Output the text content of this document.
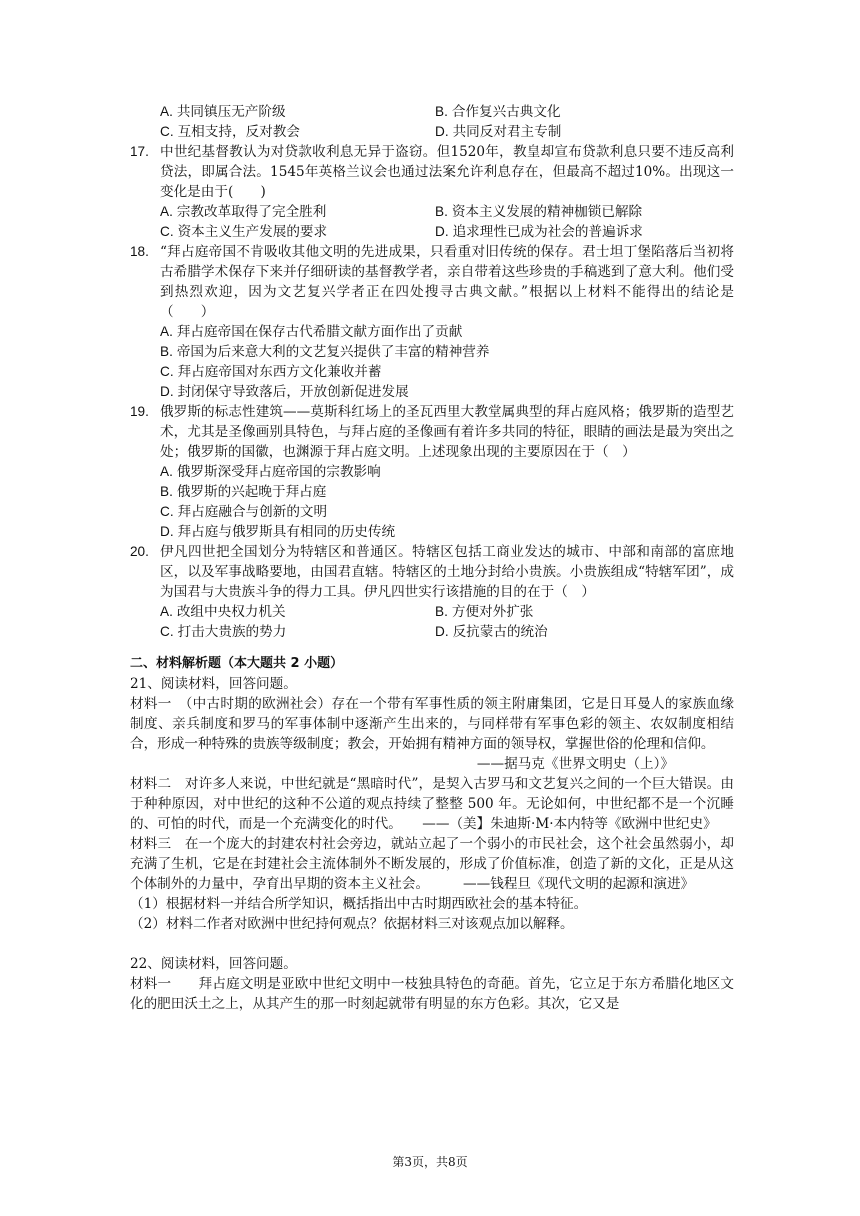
A. 共同镇压无产阶级	B. 合作复兴古典文化
C. 互相支持，反对教会	D. 共同反对君主专制
17. 中世纪基督教认为对贷款收利息无异于盗窃。但1520年，教皇却宣布贷款利息只要不违反高利贷法，即属合法。1545年英格兰议会也通过法案允许利息存在，但最高不超过10%。出现这一变化是由于(　　)
A. 宗教改革取得了完全胜利	B. 资本主义发展的精神枷锁已解除
C. 资本主义生产发展的要求	D. 追求理性已成为社会的普遍诉求
18. “拜占庭帝国不肯吸收其他文明的先进成果，只看重对旧传统的保存。君士坦丁堡陷落后当初将古希腊学术保存下来并仔细研读的基督教学者，亲自带着这些珍贵的手稿逃到了意大利。他们受到热烈欢迎，因为文艺复兴学者正在四处搜寻古典文献。”根据以上材料不能得出的结论是（　　）
A. 拜占庭帝国在保存古代希腊文献方面作出了贡献
B. 帝国为后来意大利的文艺复兴提供了丰富的精神营养
C. 拜占庭帝国对东西方文化兼收并蓄
D. 封闭保守导致落后，开放创新促进发展
19. 俄罗斯的标志性建筑——莫斯科红场上的圣瓦西里大教堂属典型的拜占庭风格；俄罗斯的造型艺术，尤其是圣像画别具特色，与拜占庭的圣像画有着许多共同的特征，眼睛的画法是最为突出之处；俄罗斯的国徽，也渊源于拜占庭文明。上述现象出现的主要原因在于（　）
A. 俄罗斯深受拜占庭帝国的宗教影响
B. 俄罗斯的兴起晚于拜占庭
C. 拜占庭融合与创新的文明
D. 拜占庭与俄罗斯具有相同的历史传统
20. 伊凡四世把全国划分为特辖区和普通区。特辖区包括工商业发达的城市、中部和南部的富庶地区，以及军事战略要地，由国君直辖。特辖区的土地分封给小贵族。小贵族组成“特辖军团”，成为国君与大贵族斗争的得力工具。伊凡四世实行该措施的目的在于（　）
A. 改组中央权力机关	B. 方便对外扩张
C. 打击大贵族的势力	D. 反抗蒙古的统治
二、材料解析题（本大题共 2 小题）

21、阅读材料，回答问题。

材料一　（中古时期的欧洲社会）存在一个带有军事性质的领主附庸集团，它是日耳曼人的家族血缘制度、亲兵制度和罗马的军事体制中逐渐产生出来的，与同样带有军事色彩的领主、农奴制度相结合，形成一种特殊的贵族等级制度；教会，开始拥有精神方面的领导权，掌握世俗的伦理和信仰。

——据马克《世界文明史（上）》

材料二　对许多人来说，中世纪就是“黑暗时代”，是契入古罗马和文艺复兴之间的一个巨大错误。由于种种原因，对中世纪的这种不公道的观点持续了整整 500 年。无论如何，中世纪都不是一个沉睡的、可怕的时代，而是一个充满变化的时代。　　——（美】朱迪斯·M·本内特等《欧洲中世纪史》

材料三　在一个庞大的封建农村社会旁边，就站立起了一个弱小的市民社会，这个社会虽然弱小，却充满了生机，它是在封建社会主流体制外不断发展的，形成了价值标准，创造了新的文化，正是从这个体制外的力量中，孕育出早期的资本主义社会。　　　——钱程旦《现代文明的起源和演进》

（1）根据材料一并结合所学知识，概括指出中古时期西欧社会的基本特征。

（2）材料二作者对欧洲中世纪持何观点？依据材料三对该观点加以解释。

22、阅读材料，回答问题。

材料一　　拜占庭文明是亚欧中世纪文明中一枝独具特色的奇葩。首先，它立足于东方希腊化地区文化的肥田沃土之上，从其产生的那一时刻起就带有明显的东方色彩。其次，它又是

第3页，共8页
